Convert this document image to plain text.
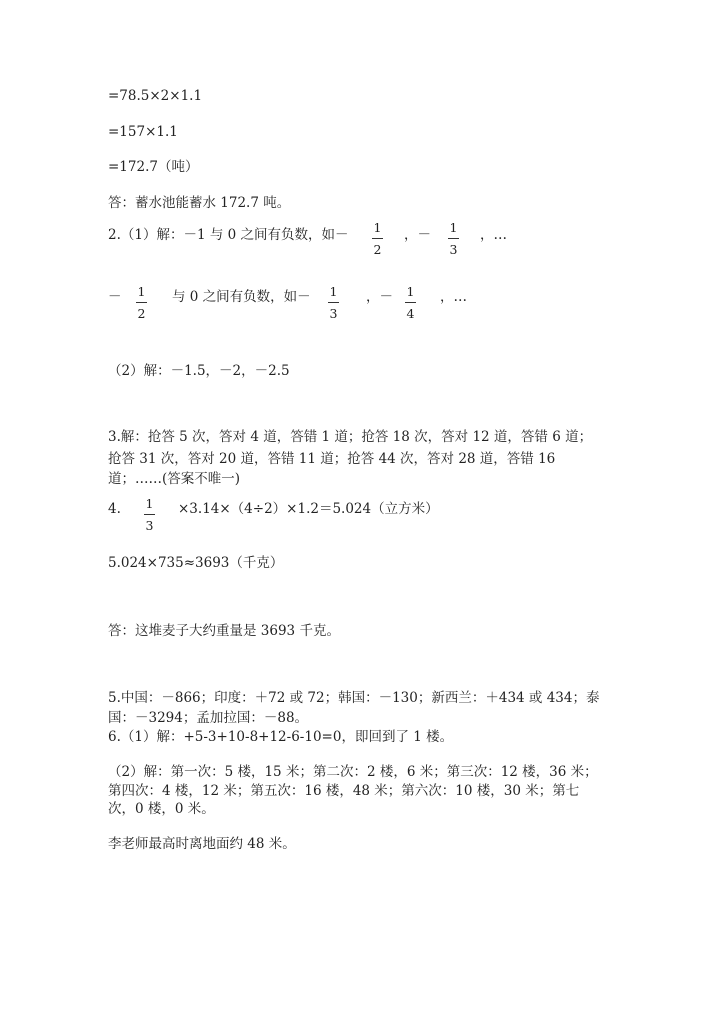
=78.5×2×1.1
=157×1.1
=172.7（吨）
答：蓄水池能蓄水 172.7 吨。
2.（1）解：－1 与 0 之间有负数，如－ 1
2
，－ 1
3
，…
－ 1
2
与 0 之间有负数，如－ 1
3
，－ 1
4
，…
（2）解：－1.5，－2，－2.5
3.解：抢答 5 次，答对 4 道，答错 1 道；抢答 18 次，答对 12 道，答错 6 道；
抢答 31 次，答对 20 道，答错 11 道；抢答 44 次，答对 28 道，答错 16
道；……(答案不唯一)
4. 1
3
×3.14×（4÷2）×1.2＝5.024（立方米）
5.024×735≈3693（千克）
答：这堆麦子大约重量是 3693 千克。
5.中国：－866；印度：＋72 或 72；韩国：－130；新西兰：＋434 或 434；泰
国：－3294；孟加拉国：－88。
6.（1）解：+5-3+10-8+12-6-10=0，即回到了 1 楼。
（2）解：第一次：5 楼，15 米；第二次：2 楼，6 米；第三次：12 楼，36 米；
第四次：4 楼，12 米；第五次：16 楼，48 米；第六次：10 楼，30 米；第七
次，0 楼，0 米。
李老师最高时离地面约 48 米。
